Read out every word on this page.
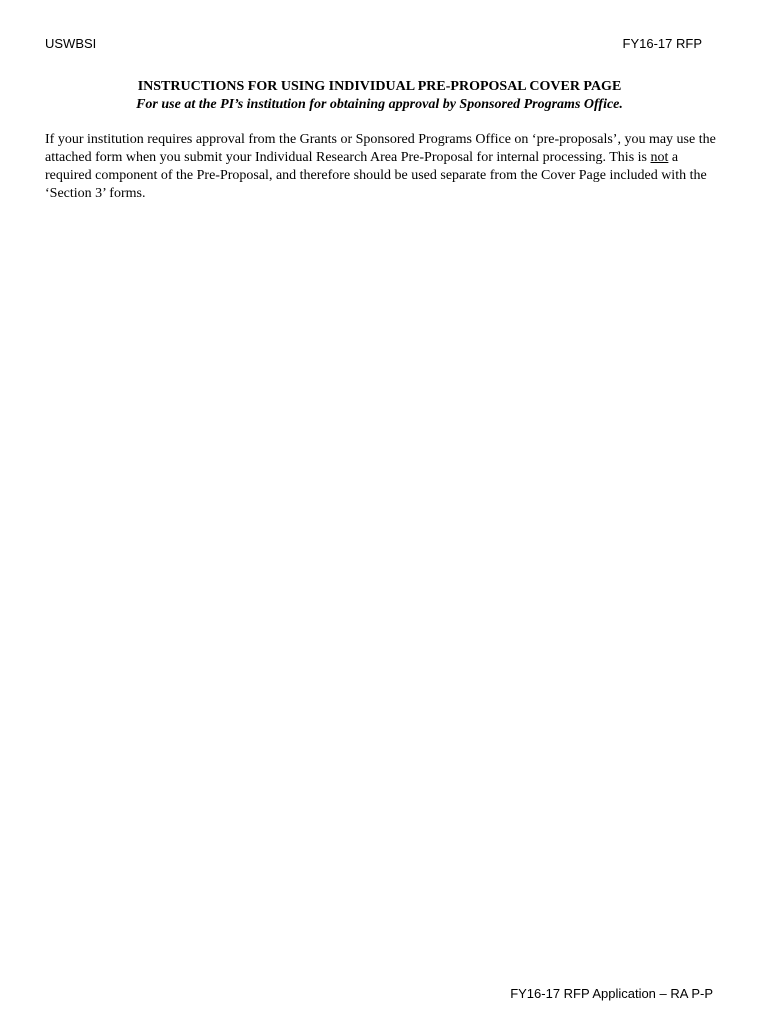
USWBSI	FY16-17 RFP
INSTRUCTIONS FOR USING INDIVIDUAL PRE-PROPOSAL COVER PAGE
For use at the PI’s institution for obtaining approval by Sponsored Programs Office.

If your institution requires approval from the Grants or Sponsored Programs Office on ‘pre-proposals’, you may use the attached form when you submit your Individual Research Area Pre-Proposal for internal processing. This is not a required component of the Pre-Proposal, and therefore should be used separate from the Cover Page included with the ‘Section 3’ forms.

FY16-17 RFP Application – RA P-P
